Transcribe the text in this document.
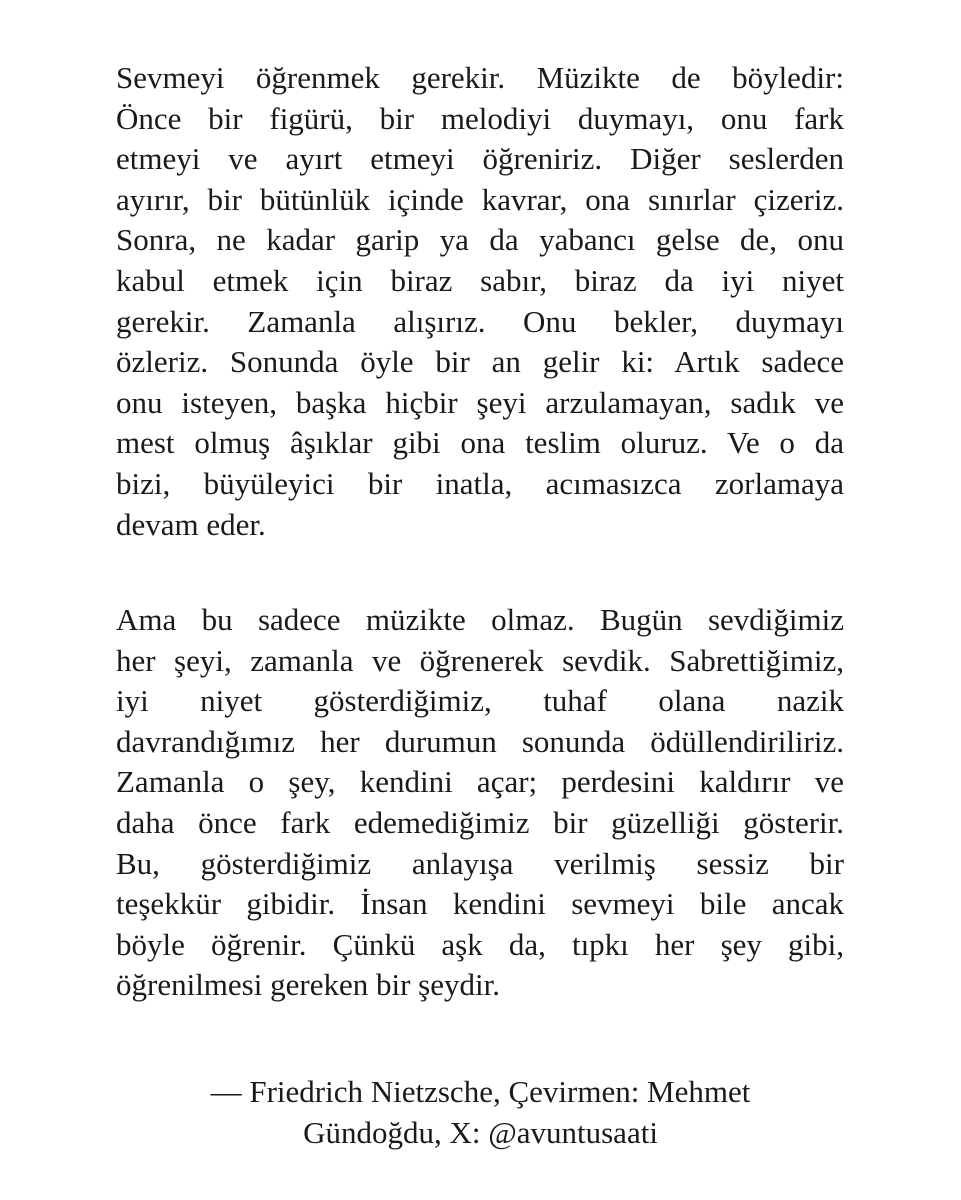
Sevmeyi öğrenmek gerekir. Müzikte de böyledir:
Önce bir figürü, bir melodiyi duymayı, onu fark
etmeyi ve ayırt etmeyi öğreniriz. Diğer seslerden
ayırır, bir bütünlük içinde kavrar, ona sınırlar çizeriz.
Sonra, ne kadar garip ya da yabancı gelse de, onu
kabul etmek için biraz sabır, biraz da iyi niyet
gerekir. Zamanla alışırız. Onu bekler, duymayı
özleriz. Sonunda öyle bir an gelir ki: Artık sadece
onu isteyen, başka hiçbir şeyi arzulamayan, sadık ve
mest olmuş âşıklar gibi ona teslim oluruz. Ve o da
bizi, büyüleyici bir inatla, acımasızca zorlamaya
devam eder.
Ama bu sadece müzikte olmaz. Bugün sevdiğimiz
her şeyi, zamanla ve öğrenerek sevdik. Sabrettiğimiz,
iyi niyet gösterdiğimiz, tuhaf olana nazik
davrandığımız her durumun sonunda ödüllendiriliriz.
Zamanla o şey, kendini açar; perdesini kaldırır ve
daha önce fark edemediğimiz bir güzelliği gösterir.
Bu, gösterdiğimiz anlayışa verilmiş sessiz bir
teşekkür gibidir. İnsan kendini sevmeyi bile ancak
böyle öğrenir. Çünkü aşk da, tıpkı her şey gibi,
öğrenilmesi gereken bir şeydir.
— Friedrich Nietzsche, Çevirmen: Mehmet
Gündoğdu, X: @avuntusaati
